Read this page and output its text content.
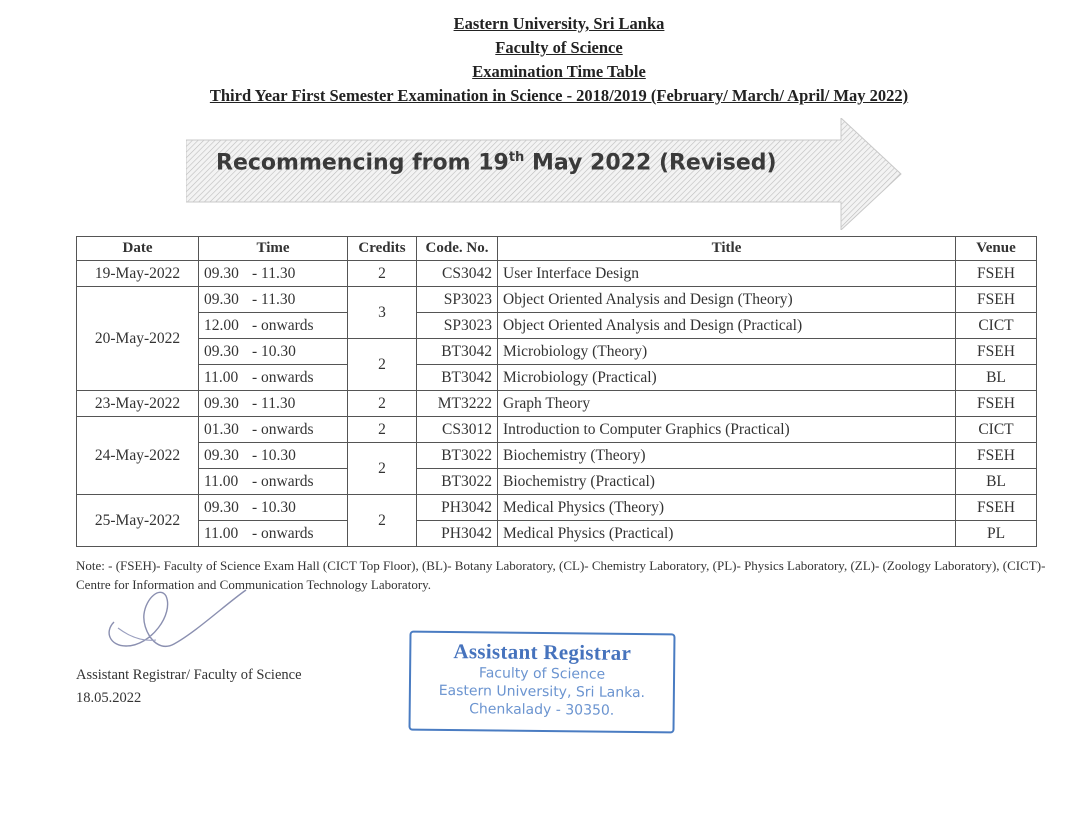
Eastern University, Sri Lanka
Faculty of Science
Examination Time Table
Third Year First Semester Examination in Science - 2018/2019 (February/ March/ April/ May 2022)
Recommencing from 19th May 2022 (Revised)
Date	Time	Credits	Code. No.	Title	Venue
19-May-2022	09.30 - 11.30	2	CS3042	User Interface Design	FSEH
20-May-2022	09.30 - 11.30	3	SP3023	Object Oriented Analysis and Design (Theory)	FSEH
	12.00 - onwards		SP3023	Object Oriented Analysis and Design (Practical)	CICT
	09.30 - 10.30	2	BT3042	Microbiology (Theory)	FSEH
	11.00 - onwards		BT3042	Microbiology (Practical)	BL
23-May-2022	09.30 - 11.30	2	MT3222	Graph Theory	FSEH
24-May-2022	01.30 - onwards	2	CS3012	Introduction to Computer Graphics (Practical)	CICT
	09.30 - 10.30	2	BT3022	Biochemistry (Theory)	FSEH
	11.00 - onwards		BT3022	Biochemistry (Practical)	BL
25-May-2022	09.30 - 10.30	2	PH3042	Medical Physics (Theory)	FSEH
	11.00 - onwards		PH3042	Medical Physics (Practical)	PL
Note: - (FSEH)- Faculty of Science Exam Hall (CICT Top Floor), (BL)- Botany Laboratory, (CL)- Chemistry Laboratory, (PL)- Physics Laboratory, (ZL)- (Zoology Laboratory), (CICT)- Centre for Information and Communication Technology Laboratory.
Assistant Registrar/ Faculty of Science
18.05.2022
Assistant Registrar
Faculty of Science
Eastern University, Sri Lanka.
Chenkalady - 30350.
